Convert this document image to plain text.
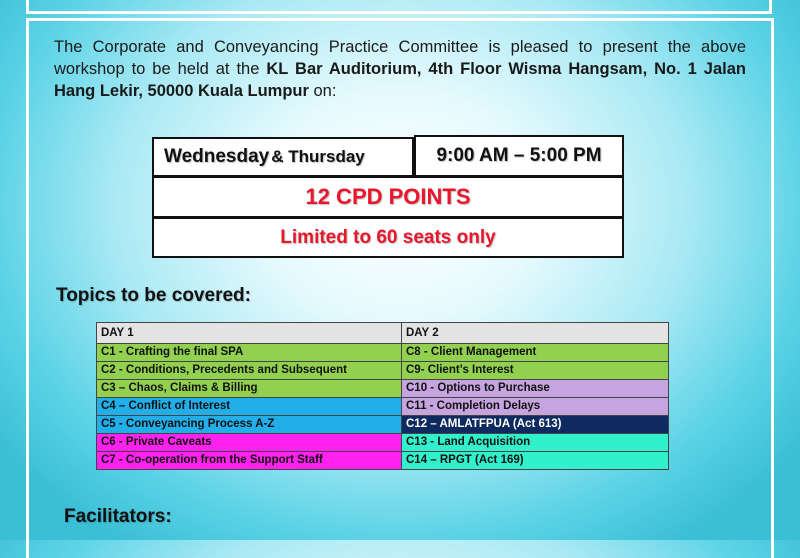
The Corporate and Conveyancing Practice Committee is pleased to present the above workshop to be held at the KL Bar Auditorium, 4th Floor Wisma Hangsam, No. 1 Jalan Hang Lekir, 50000 Kuala Lumpur on:
Wednesday & Thursday	9:00 AM – 5:00 PM
12 CPD POINTS
Limited to 60 seats only
Topics to be covered:
DAY 1	DAY 2
C1 - Crafting the final SPA	C8 - Client Management
C2 - Conditions, Precedents and Subsequent	C9- Client’s Interest
C3 – Chaos, Claims & Billing	C10 - Options to Purchase
C4 – Conflict of Interest	C11 - Completion Delays
C5 - Conveyancing Process A-Z	C12 – AMLATFPUA (Act 613)
C6 - Private Caveats	C13 - Land Acquisition
C7 - Co-operation from the Support Staff	C14 – RPGT (Act 169)
Facilitators:
